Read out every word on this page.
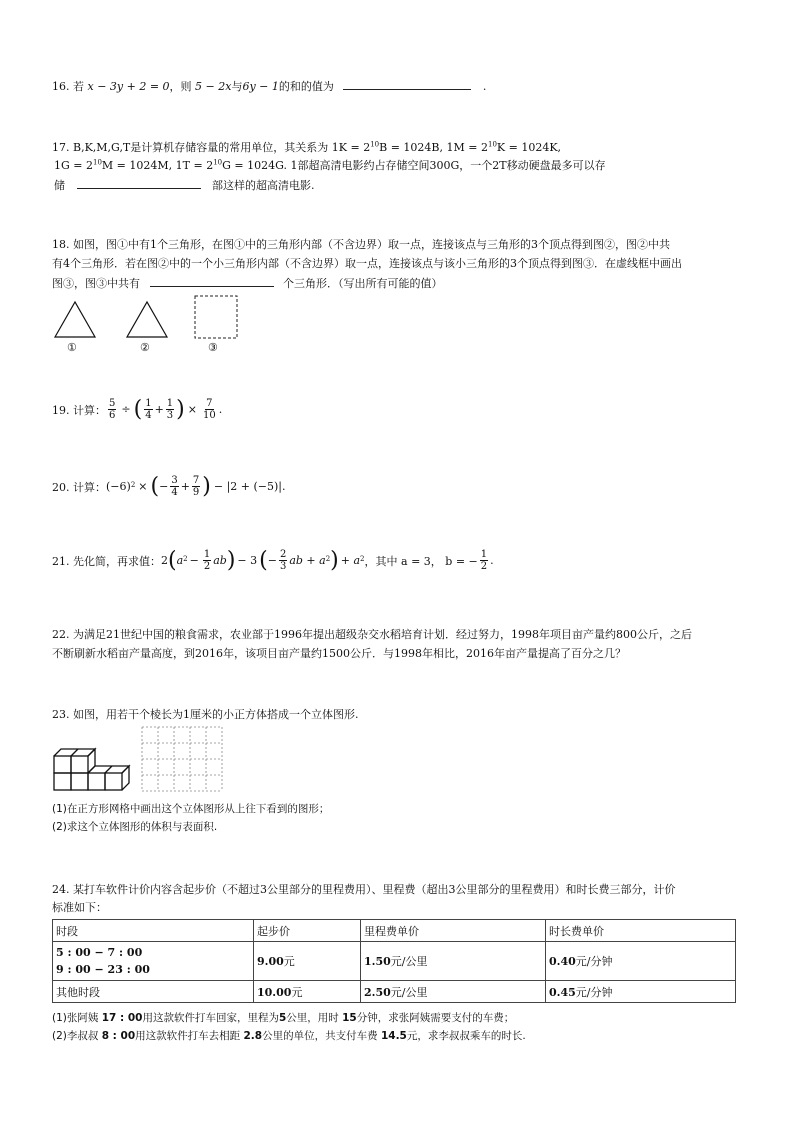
16. 若 x − 3y + 2 = 0，则 5 − 2x与6y − 1的和的值为	.
17. B,K,M,G,T是计算机存储容量的常用单位，其关系为 $1K = 2^{10}B = 1024B$, $1M = 2^{10}K = 1024K$,
$1G = 2^{10}M = 1024M$, $1T = 2^{10}G = 1024G$. 1部超高清电影约占存储空间300G，一个2T移动硬盘最多可以存
储	部这样的超高清电影.
18. 如图，图①中有1个三角形，在图①中的三角形内部（不含边界）取一点，连接该点与三角形的3个顶点得到图②，图②中共
有4个三角形．若在图②中的一个小三角形内部（不含边界）取一点，连接该点与该小三角形的3个顶点得到图③．在虚线框中画出
图③，图③中共有	个三角形．（写出所有可能的值）
①	②	③
19. 计算： $\frac{5}{6}$ ÷ ( $\frac{1}{4} + \frac{1}{3}$ ) × $\frac{7}{10}$ .
20. 计算： (−6) 2 × ( − $\frac{3}{4} + \frac{7}{9}$ ) − |2 + (−5)|.
21. 先化简，再求值： 2 ( a $2 - \frac{1}{2}$ ab ) − 3 ( − $\frac{2}{3}$ ab + a 2 ) + a 2 ，其中 a = 3， b = − $\frac{1}{2}$ .
22. 为满足21世纪中国的粮食需求，农业部于1996年提出超级杂交水稻培育计划．经过努力，1998年项目亩产量约800公斤，之后
不断刷新水稻亩产量高度，到2016年，该项目亩产量约1500公斤．与1998年相比，2016年亩产量提高了百分之几？
23. 如图，用若干个棱长为1厘米的小正方体搭成一个立体图形.
(1)在正方形网格中画出这个立体图形从上往下看到的图形；
(2)求这个立体图形的体积与表面积.
24. 某打车软件计价内容含起步价（不超过3公里部分的里程费用）、里程费（超出3公里部分的里程费用）和时长费三部分，计价
标准如下：
时段	起步价	里程费单价	时长费单价

5 : 00 − 7 : 00
9 : 00 − 23 : 00	9.00元	1.50元/公里	0.40元/分钟
其他时段	10.00元	2.50元/公里	0.45元/分钟
(1)张阿姨 17 : 00用这款软件打车回家，里程为5公里，用时 15分钟，求张阿姨需要支付的车费；
(2)李叔叔 8 : 00用这款软件打车去相距 2.8公里的单位，共支付车费 14.5元，求李叔叔乘车的时长.
